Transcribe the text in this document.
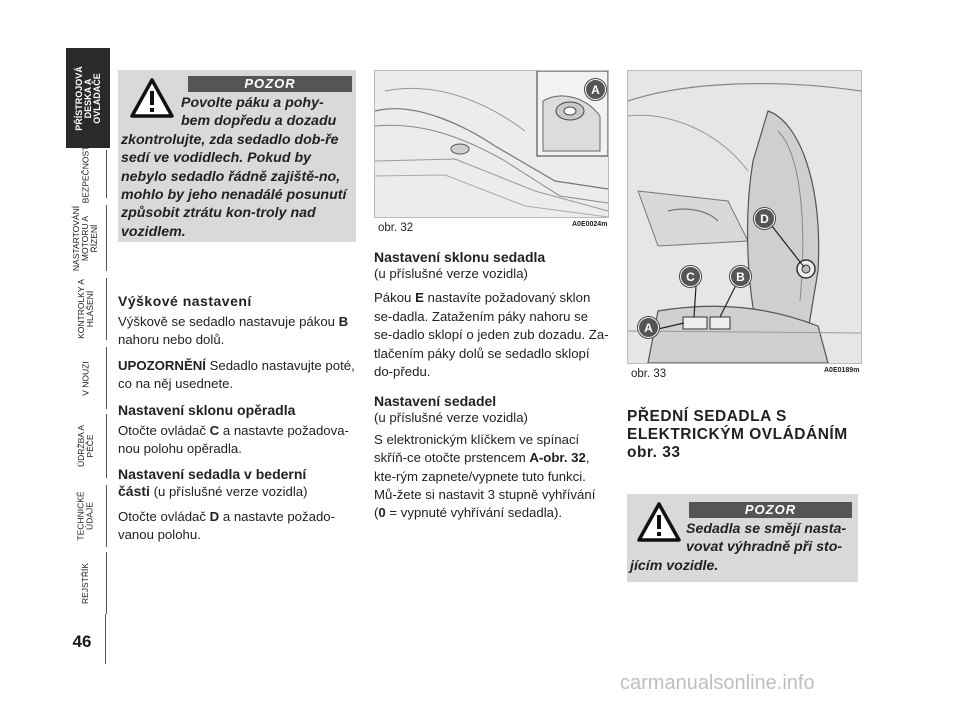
PŘÍSTROJOVÁ
DESKA A
OVLADAČE
BEZPEČNOST
NASTARTOVÁNÍ
MOTORU A
ŘÍZENÍ
KONTROLKY A
HLÁŠENÍ
V NOUZI
ÚDRŽBA A
PÉČE
TECHNICKÉ
ÚDAJE
REJSTŘÍK
46
POZOR
Povolte páku a pohy-
bem dopředu a dozadu
zkontrolujte, zda sedadlo dob-ře sedí ve vodidlech. Pokud by nebylo sedadlo řádně zajiště-no, mohlo by jeho nenadálé posunutí způsobit ztrátu kon-troly nad vozidlem.
Výškové nastavení
Výškově se sedadlo nastavuje pákou B nahoru nebo dolů.
UPOZORNĚNÍ Sedadlo nastavujte poté, co na něj usednete.
Nastavení sklonu opěradla
Otočte ovládač C a nastavte požadova-nou polohu opěradla.
Nastavení sedadla v bederní
části (u příslušné verze vozidla)
Otočte ovládač D a nastavte požado-vanou polohu.
A
obr. 32	A0E0024m
Nastavení sklonu sedadla
(u příslušné verze vozidla)
Pákou E nastavíte požadovaný sklon se-dadla. Zatažením páky nahoru se se-dadlo sklopí o jeden zub dozadu. Za-tlačením páky dolů se sedadlo sklopí do-předu.
Nastavení sedadel
(u příslušné verze vozidla)
S elektronickým klíčkem ve spínací skříň-ce otočte prstencem A-obr. 32, kte-rým zapnete/vypnete tuto funkci. Mů-žete si nastavit 3 stupně vyhřívání (0 = vypnuté vyhřívání sedadla).
D
C	B
A
obr. 33	A0E0189m
PŘEDNÍ SEDADLA S
ELEKTRICKÝM OVLÁDÁNÍM
obr. 33
POZOR
Sedadla se smějí nasta-
vovat výhradně při sto-
jícím vozidle.
carmanualsonline.info
